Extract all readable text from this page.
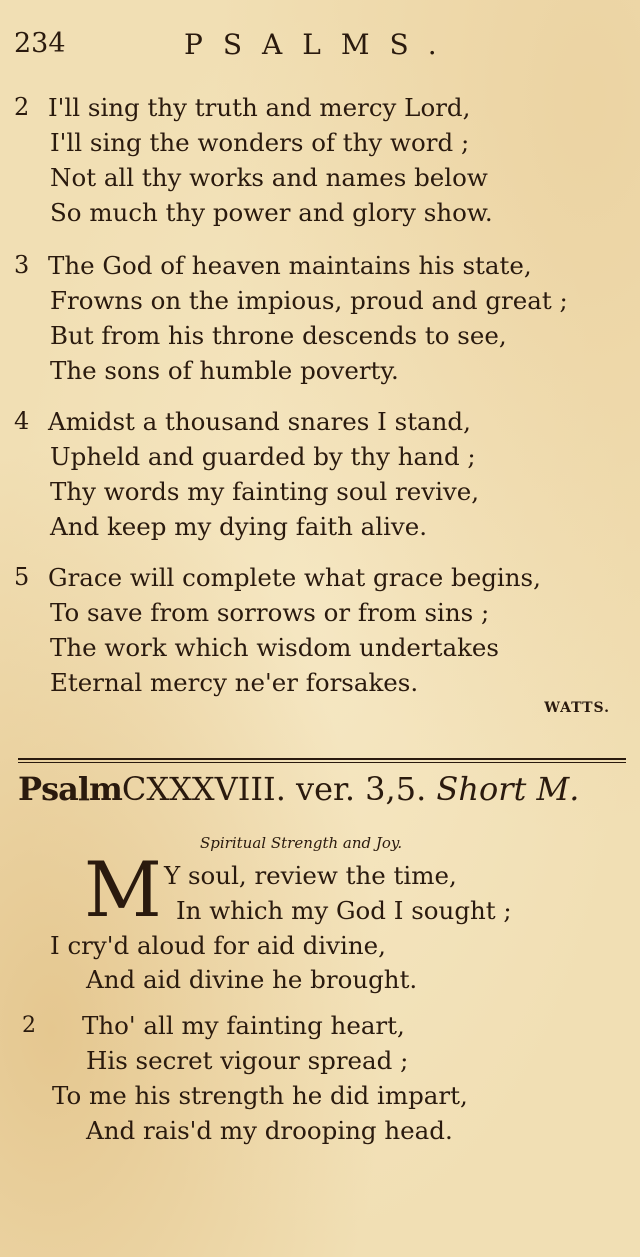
234	PSALMS.
2 I'll sing thy truth and mercy Lord,
I'll sing the wonders of thy word ;
Not all thy works and names below
So much thy power and glory show.
3 The God of heaven maintains his state,
Frowns on the impious, proud and great ;
But from his throne descends to see,
The sons of humble poverty.
4 Amidst a thousand snares I stand,
Upheld and guarded by thy hand ;
Thy words my fainting soul revive,
And keep my dying faith alive.
5 Grace will complete what grace begins,
To save from sorrows or from sins ;
The work which wisdom undertakes
Eternal mercy ne'er forsakes.
WATTS.
PsalmCXXXVIII. ver. 3,5. Short M.
Spiritual Strength and Joy.
M Y soul, review the time,
In which my God I sought ;
I cry'd aloud for aid divine,
And aid divine he brought.
2 Tho' all my fainting heart,
His secret vigour spread ;
To me his strength he did impart,
And rais'd my drooping head.
